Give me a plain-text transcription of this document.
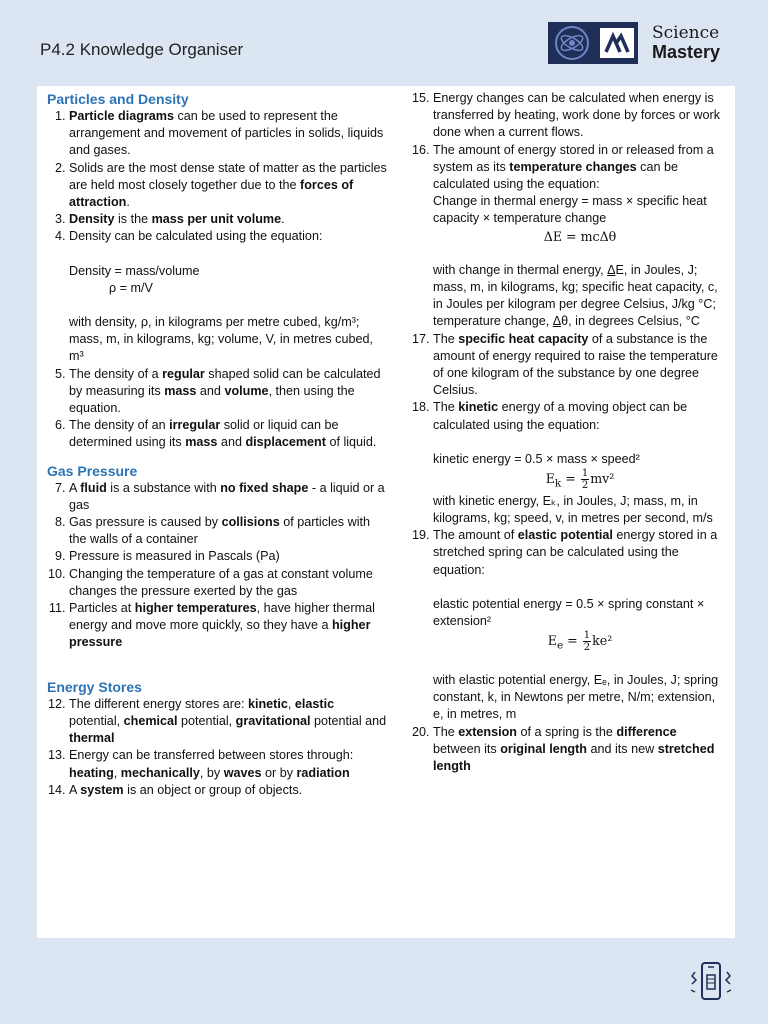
P4.2 Knowledge Organiser
Science
Mastery
Particles and Density
1. Particle diagrams can be used to represent the arrangement and movement of particles in solids, liquids and gases.
2. Solids are the most dense state of matter as the particles are held most closely together due to the forces of attraction.
3. Density is the mass per unit volume.
4. Density can be calculated using the equation:
Density = mass/volume
ρ = m/V
with density, ρ, in kilograms per metre cubed, kg/m³; mass, m, in kilograms, kg; volume, V, in metres cubed, m³
5. The density of a regular shaped solid can be calculated by measuring its mass and volume, then using the equation.
6. The density of an irregular solid or liquid can be determined using its mass and displacement of liquid.
Gas Pressure
7. A fluid is a substance with no fixed shape - a liquid or a gas
8. Gas pressure is caused by collisions of particles with the walls of a container
9. Pressure is measured in Pascals (Pa)
10. Changing the temperature of a gas at constant volume changes the pressure exerted by the gas
11. Particles at higher temperatures, have higher thermal energy and move more quickly, so they have a higher pressure
Energy Stores
12. The different energy stores are: kinetic, elastic potential, chemical potential, gravitational potential and thermal
13. Energy can be transferred between stores through: heating, mechanically, by waves or by radiation
14. A system is an object or group of objects.
15. Energy changes can be calculated when energy is transferred by heating, work done by forces or work done when a current flows.
16. The amount of energy stored in or released from a system as its temperature changes can be calculated using the equation:
Change in thermal energy = mass × specific heat capacity × temperature change
ΔE = mcΔθ
with change in thermal energy, ΔE, in Joules, J; mass, m, in kilograms, kg; specific heat capacity, c, in Joules per kilogram per degree Celsius, J/kg °C; temperature change, Δθ, in degrees Celsius, °C
17. The specific heat capacity of a substance is the amount of energy required to raise the temperature of one kilogram of the substance by one degree Celsius.
18. The kinetic energy of a moving object can be calculated using the equation:
kinetic energy = 0.5 × mass × speed²
$E_k = \frac{1}{2} mv^2$
with kinetic energy, Eₖ, in Joules, J; mass, m, in kilograms, kg; speed, v, in metres per second, m/s
19. The amount of elastic potential energy stored in a stretched spring can be calculated using the equation:
elastic potential energy = 0.5 × spring constant × extension²
$E_e = \frac{1}{2} ke^2$
with elastic potential energy, Eₑ, in Joules, J; spring constant, k, in Newtons per metre, N/m; extension, e, in metres, m
20. The extension of a spring is the difference between its original length and its new stretched length
